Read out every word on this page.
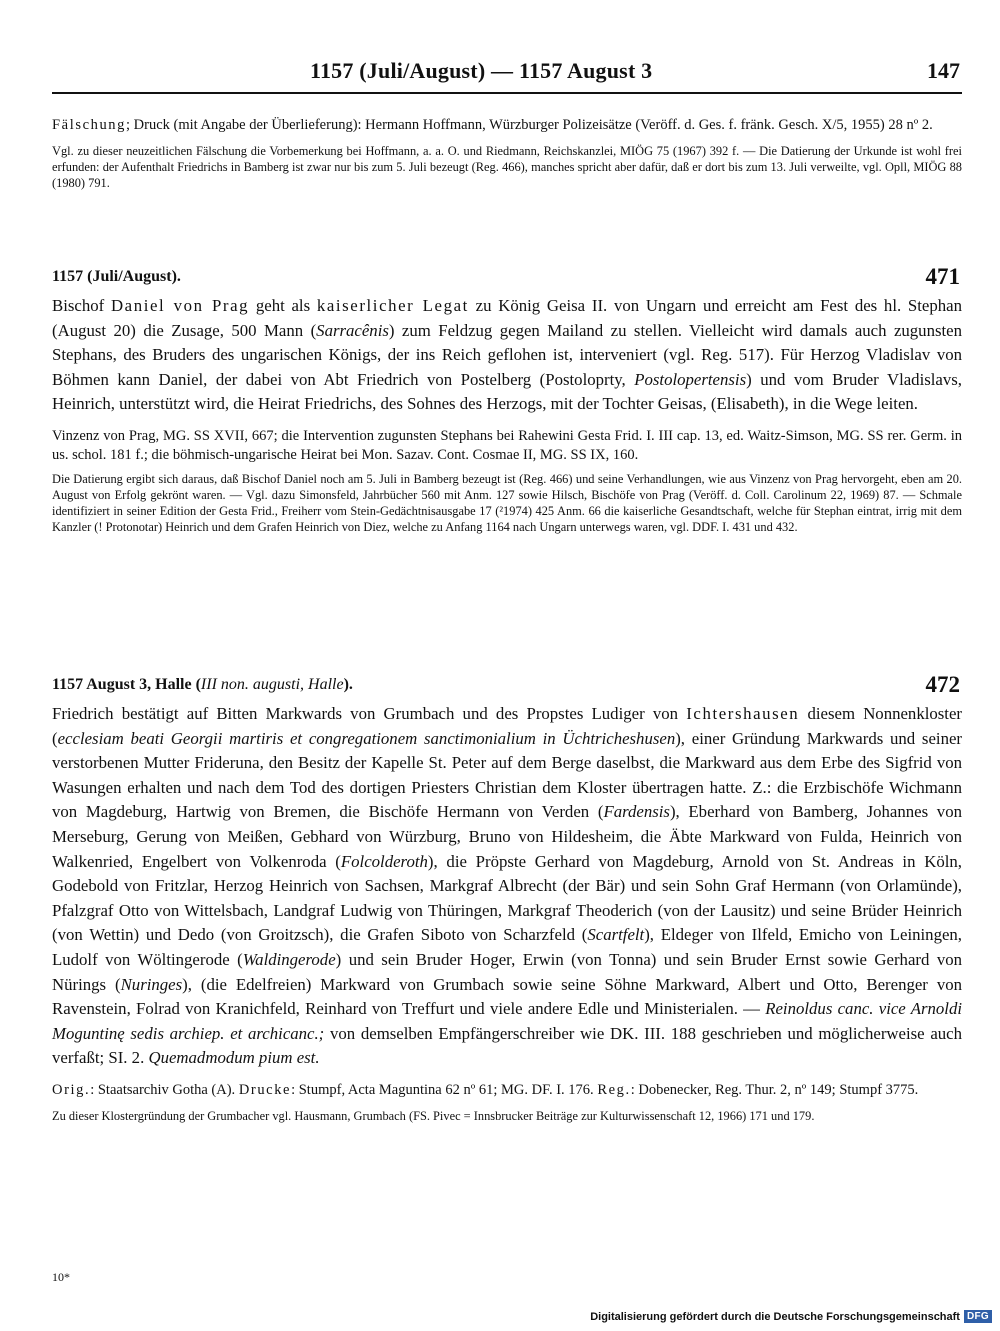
1157 (Juli/August) — 1157 August 3	147
Fälschung; Druck (mit Angabe der Überlieferung): Hermann Hoffmann, Würzburger Polizeisätze (Veröff. d. Ges. f. fränk. Gesch. X/5, 1955) 28 nº 2.
Vgl. zu dieser neuzeitlichen Fälschung die Vorbemerkung bei Hoffmann, a. a. O. und Riedmann, Reichskanzlei, MIÖG 75 (1967) 392 f. — Die Datierung der Urkunde ist wohl frei erfunden: der Aufenthalt Friedrichs in Bamberg ist zwar nur bis zum 5. Juli bezeugt (Reg. 466), manches spricht aber dafür, daß er dort bis zum 13. Juli verweilte, vgl. Opll, MIÖG 88 (1980) 791.
1157 (Juli/August).	471
Bischof Daniel von Prag geht als kaiserlicher Legat zu König Geisa II. von Ungarn und erreicht am Fest des hl. Stephan (August 20) die Zusage, 500 Mann (Sarracênis) zum Feldzug gegen Mailand zu stellen. Vielleicht wird damals auch zugunsten Stephans, des Bruders des ungarischen Königs, der ins Reich geflohen ist, interveniert (vgl. Reg. 517). Für Herzog Vladislav von Böhmen kann Daniel, der dabei von Abt Friedrich von Postelberg (Postoloprty, Postolopertensis) und vom Bruder Vladislavs, Heinrich, unterstützt wird, die Heirat Friedrichs, des Sohnes des Herzogs, mit der Tochter Geisas, (Elisabeth), in die Wege leiten.
Vinzenz von Prag, MG. SS XVII, 667; die Intervention zugunsten Stephans bei Rahewini Gesta Frid. I. III cap. 13, ed. Waitz-Simson, MG. SS rer. Germ. in us. schol. 181 f.; die böhmisch-ungarische Heirat bei Mon. Sazav. Cont. Cosmae II, MG. SS IX, 160.
Die Datierung ergibt sich daraus, daß Bischof Daniel noch am 5. Juli in Bamberg bezeugt ist (Reg. 466) und seine Verhandlungen, wie aus Vinzenz von Prag hervorgeht, eben am 20. August von Erfolg gekrönt waren. — Vgl. dazu Simonsfeld, Jahrbücher 560 mit Anm. 127 sowie Hilsch, Bischöfe von Prag (Veröff. d. Coll. Carolinum 22, 1969) 87. — Schmale identifiziert in seiner Edition der Gesta Frid., Freiherr vom Stein-Gedächtnisausgabe 17 (²1974) 425 Anm. 66 die kaiserliche Gesandtschaft, welche für Stephan eintrat, irrig mit dem Kanzler (! Protonotar) Heinrich und dem Grafen Heinrich von Diez, welche zu Anfang 1164 nach Ungarn unterwegs waren, vgl. DDF. I. 431 und 432.
1157 August 3, Halle (III non. augusti, Halle).	472
Friedrich bestätigt auf Bitten Markwards von Grumbach und des Propstes Ludiger von Ichtershausen diesem Nonnenkloster (ecclesiam beati Georgii martiris et congregationem sanctimonialium in Üchtricheshusen), einer Gründung Markwards und seiner verstorbenen Mutter Frideruna, den Besitz der Kapelle St. Peter auf dem Berge daselbst, die Markward aus dem Erbe des Sigfrid von Wasungen erhalten und nach dem Tod des dortigen Priesters Christian dem Kloster übertragen hatte. Z.: die Erzbischöfe Wichmann von Magdeburg, Hartwig von Bremen, die Bischöfe Hermann von Verden (Fardensis), Eberhard von Bamberg, Johannes von Merseburg, Gerung von Meißen, Gebhard von Würzburg, Bruno von Hildesheim, die Äbte Markward von Fulda, Heinrich von Walkenried, Engelbert von Volkenroda (Folcolderoth), die Pröpste Gerhard von Magdeburg, Arnold von St. Andreas in Köln, Godebold von Fritzlar, Herzog Heinrich von Sachsen, Markgraf Albrecht (der Bär) und sein Sohn Graf Hermann (von Orlamünde), Pfalzgraf Otto von Wittelsbach, Landgraf Ludwig von Thüringen, Markgraf Theoderich (von der Lausitz) und seine Brüder Heinrich (von Wettin) und Dedo (von Groitzsch), die Grafen Siboto von Scharzfeld (Scartfelt), Eldeger von Ilfeld, Emicho von Leiningen, Ludolf von Wöltingerode (Waldingerode) und sein Bruder Hoger, Erwin (von Tonna) und sein Bruder Ernst sowie Gerhard von Nürings (Nuringes), (die Edelfreien) Markward von Grumbach sowie seine Söhne Markward, Albert und Otto, Berenger von Ravenstein, Folrad von Kranichfeld, Reinhard von Treffurt und viele andere Edle und Ministerialen. — Reinoldus canc. vice Arnoldi Moguntinę sedis archiep. et archicanc.; von demselben Empfängerschreiber wie DK. III. 188 geschrieben und möglicherweise auch verfaßt; SI. 2. Quemadmodum pium est.
Orig.: Staatsarchiv Gotha (A). Drucke: Stumpf, Acta Maguntina 62 nº 61; MG. DF. I. 176. Reg.: Dobenecker, Reg. Thur. 2, nº 149; Stumpf 3775.
Zu dieser Klostergründung der Grumbacher vgl. Hausmann, Grumbach (FS. Pivec = Innsbrucker Beiträge zur Kulturwissenschaft 12, 1966) 171 und 179.
10*
Digitalisierung gefördert durch die Deutsche Forschungsgemeinschaft DFG
